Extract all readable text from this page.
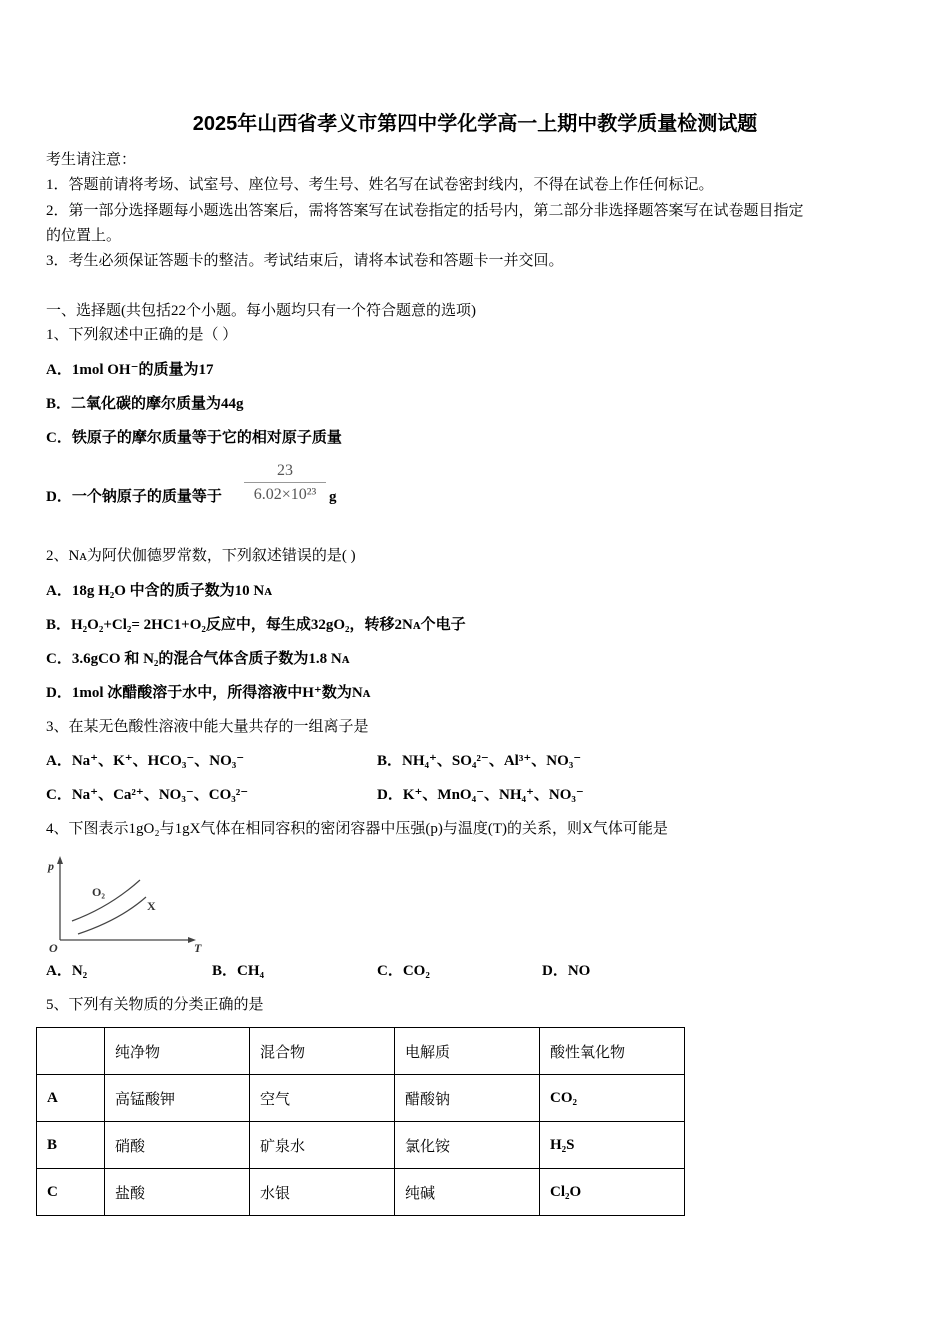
2025年山西省孝义市第四中学化学高一上期中教学质量检测试题
考生请注意：
1．答题前请将考场、试室号、座位号、考生号、姓名写在试卷密封线内，不得在试卷上作任何标记。
2．第一部分选择题每小题选出答案后，需将答案写在试卷指定的括号内，第二部分非选择题答案写在试卷题目指定
的位置上。
3．考生必须保证答题卡的整洁。考试结束后，请将本试卷和答题卡一并交回。
一、选择题(共包括22个小题。每小题均只有一个符合题意的选项)
1、下列叙述中正确的是（ ）
A．1mol OH⁻的质量为17
B．二氧化碳的摩尔质量为44g
C．铁原子的摩尔质量等于它的相对原子质量
D．一个钠原子的质量等于 $\frac{23}{\text{6.02×10²³}}$ g
2、Nᴀ为阿伏伽德罗常数，下列叙述错误的是( )
A．18g H₂O 中含的质子数为10 Nᴀ
B．H₂O₂+Cl₂= 2HC1+O₂反应中，每生成32gO₂，转移2Nᴀ个电子
C．3.6gCO 和 N₂的混合气体含质子数为1.8 Nᴀ
D．1mol 冰醋酸溶于水中，所得溶液中H⁺数为Nᴀ
3、在某无色酸性溶液中能大量共存的一组离子是
A．Na⁺、K⁺、HCO₃⁻、NO₃⁻	B．NH₄⁺、SO₄²⁻、Al³⁺、NO₃⁻
C．Na⁺、Ca²⁺、NO₃⁻、CO₃²⁻	D．K⁺、MnO₄⁻、NH₄⁺、NO₃⁻
4、下图表示1gO₂与1gX气体在相同容积的密闭容器中压强(p)与温度(T)的关系，则X气体可能是
p
O	T
O₂
X
A．N₂	B．CH₄	C．CO₂	D．NO
5、下列有关物质的分类正确的是
	纯净物	混合物	电解质	酸性氧化物
A	高锰酸钾	空气	醋酸钠	CO₂
B	硝酸	矿泉水	氯化铵	H₂S
C	盐酸	水银	纯碱	Cl₂O
